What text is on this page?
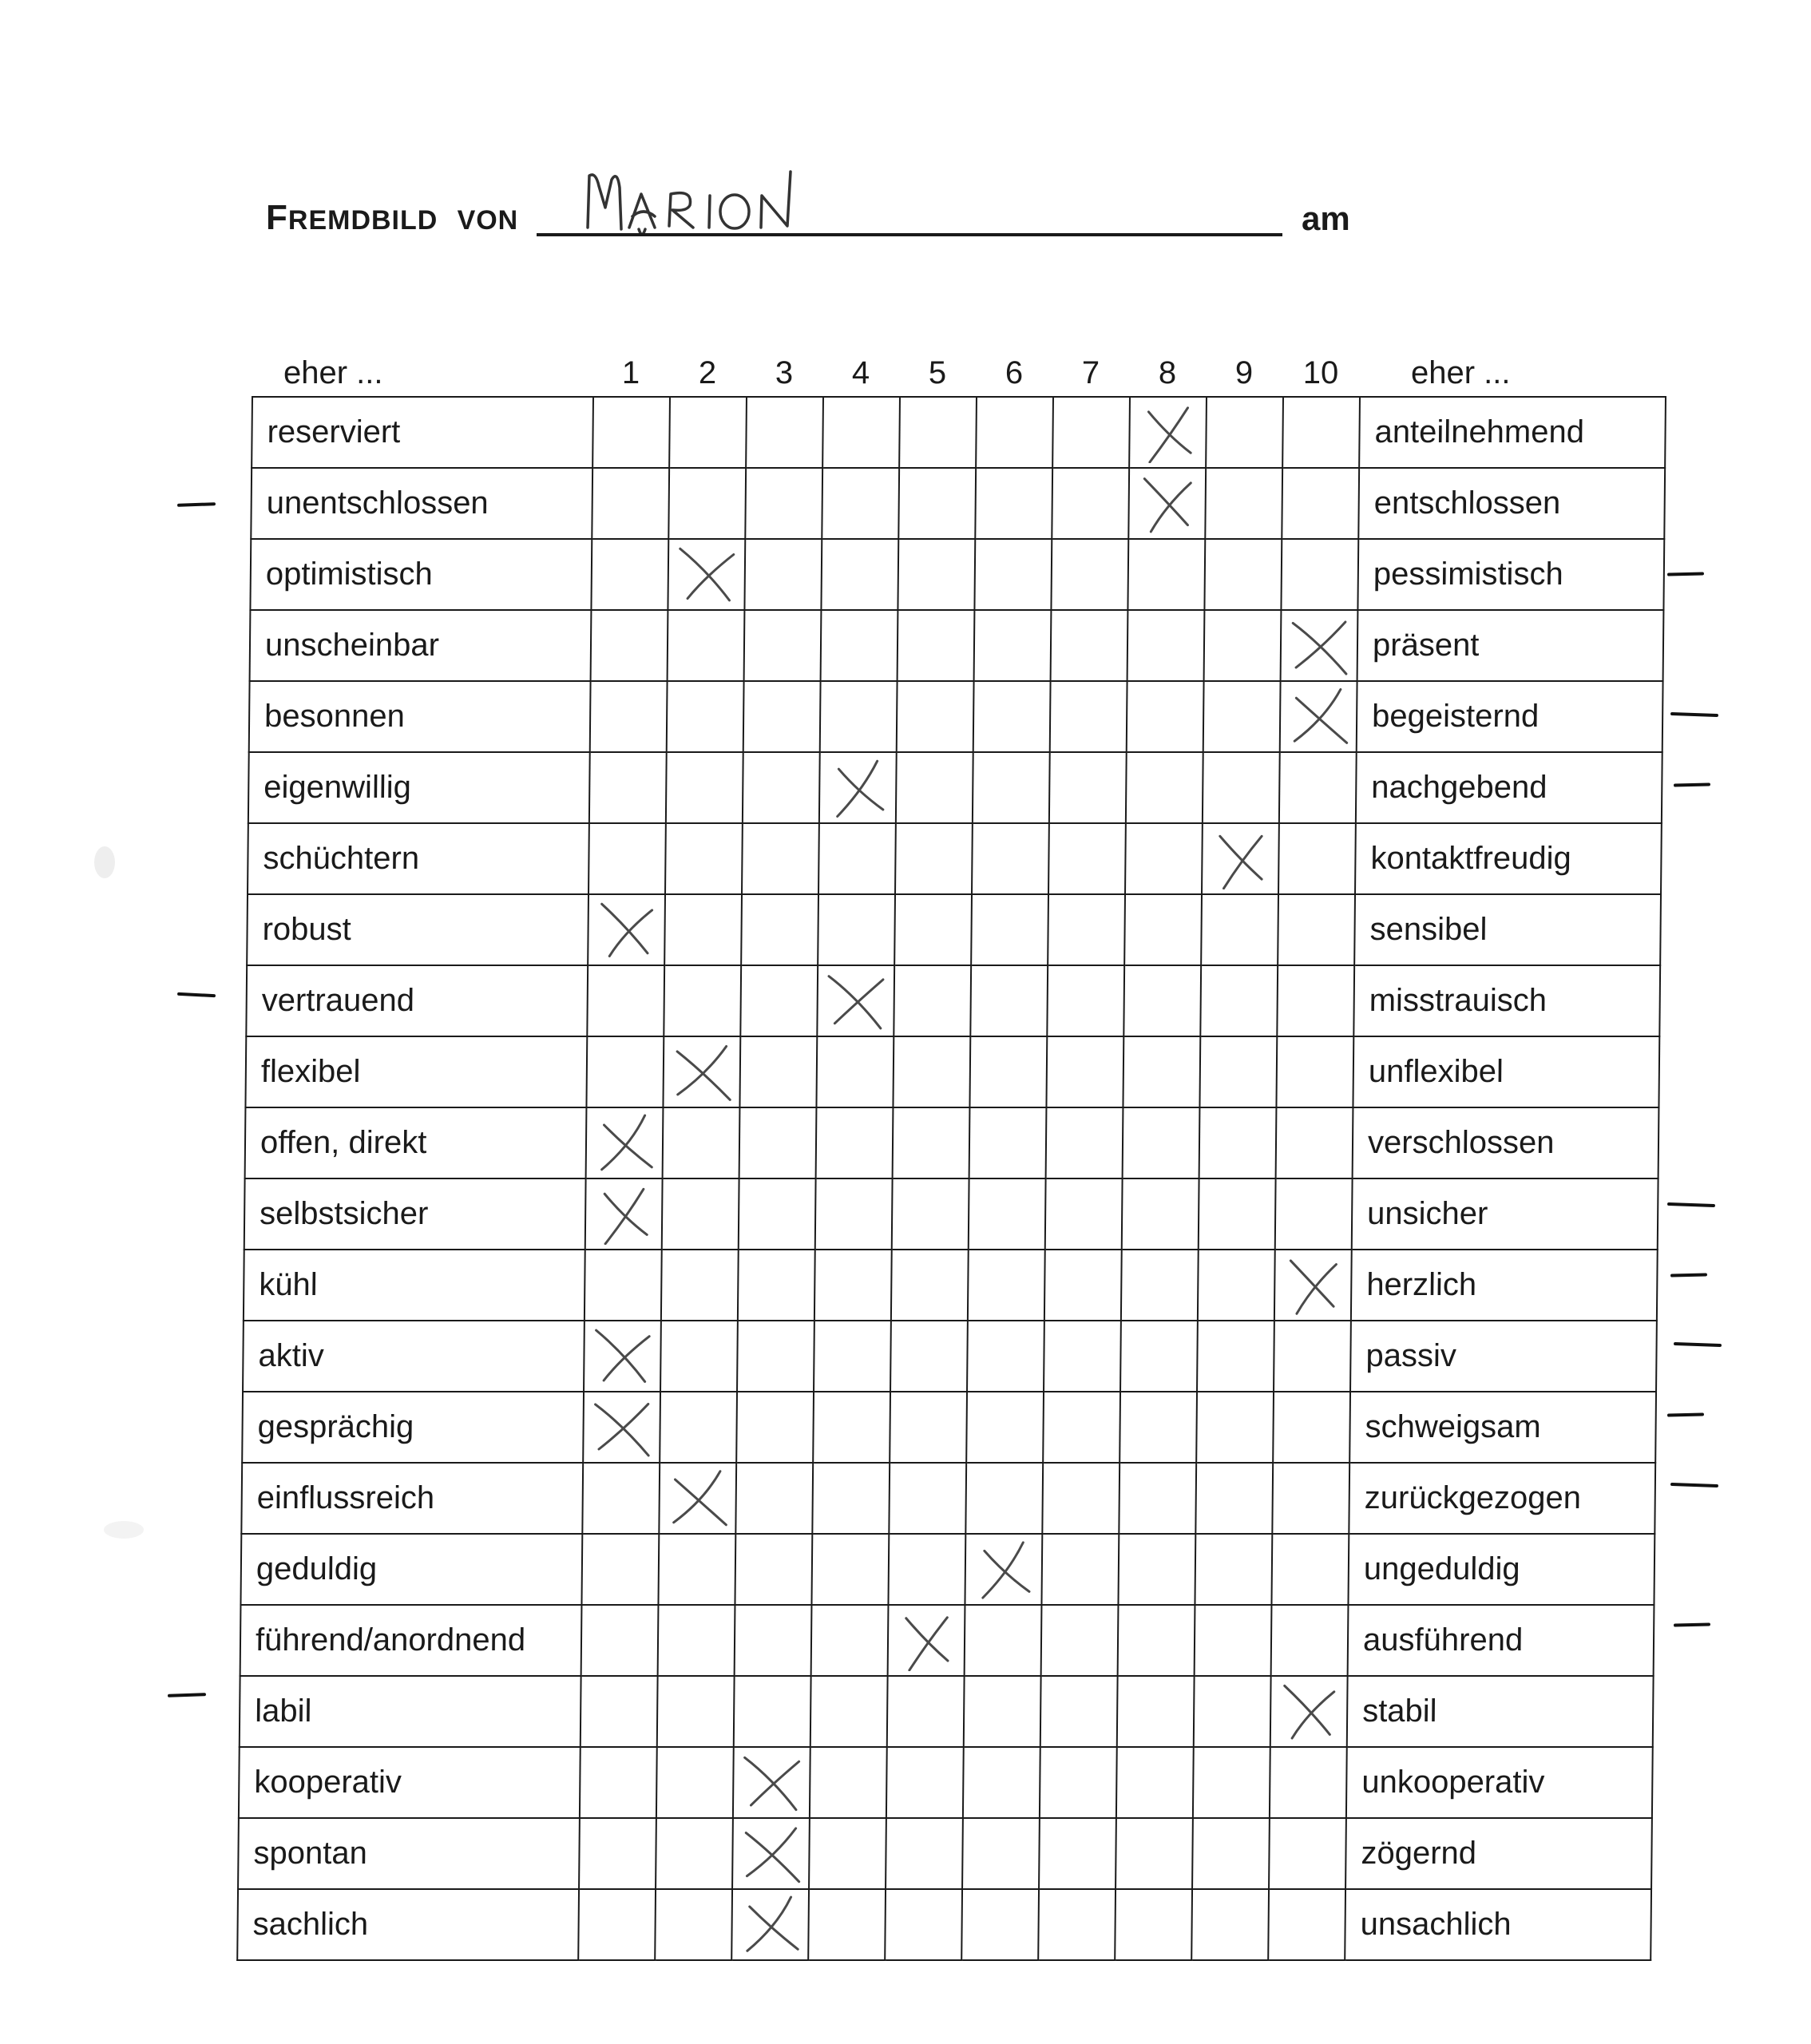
FREMDBILD VON	am
eher ...	1	2	3	4	5	6	7	8	9	10	eher ...
reserviert											anteilnehmend
unentschlossen											entschlossen
optimistisch											pessimistisch
unscheinbar											präsent
besonnen											begeisternd
eigenwillig											nachgebend
schüchtern											kontaktfreudig
robust											sensibel
vertrauend											misstrauisch
flexibel											unflexibel
offen, direkt											verschlossen
selbstsicher											unsicher
kühl											herzlich
aktiv											passiv
gesprächig											schweigsam
einflussreich											zurückgezogen
geduldig											ungeduldig
führend/anordnend											ausführend
labil											stabil
kooperativ											unkooperativ
spontan											zögernd
sachlich											unsachlich
